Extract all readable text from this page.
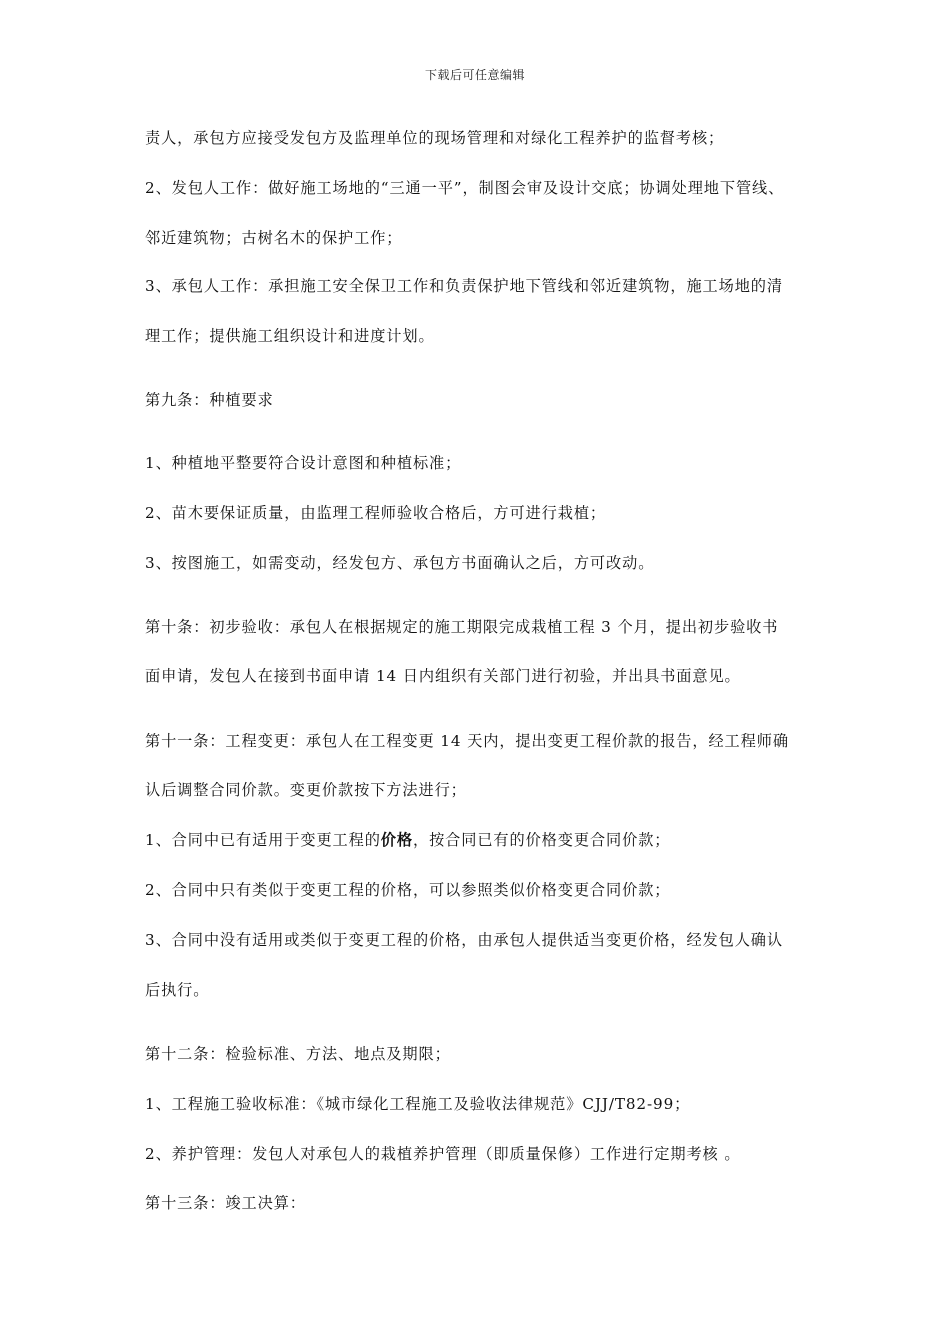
下载后可任意编辑
责人，承包方应接受发包方及监理单位的现场管理和对绿化工程养护的监督考核；
2、发包人工作：做好施工场地的“三通一平”，制图会审及设计交底；协调处理地下管线、
邻近建筑物；古树名木的保护工作；
3、承包人工作：承担施工安全保卫工作和负责保护地下管线和邻近建筑物，施工场地的清
理工作；提供施工组织设计和进度计划。
第九条：种植要求
1、种植地平整要符合设计意图和种植标准；
2、苗木要保证质量，由监理工程师验收合格后，方可进行栽植；
3、按图施工，如需变动，经发包方、承包方书面确认之后，方可改动。
第十条：初步验收：承包人在根据规定的施工期限完成栽植工程 3 个月，提出初步验收书
面申请，发包人在接到书面申请 14 日内组织有关部门进行初验，并出具书面意见。
第十一条：工程变更：承包人在工程变更 14 天内，提出变更工程价款的报告，经工程师确
认后调整合同价款。变更价款按下方法进行；
1、合同中已有适用于变更工程的价格，按合同已有的价格变更合同价款；
2、合同中只有类似于变更工程的价格，可以参照类似价格变更合同价款；
3、合同中没有适用或类似于变更工程的价格，由承包人提供适当变更价格，经发包人确认
后执行。
第十二条：检验标准、方法、地点及期限；
1、工程施工验收标准：《城市绿化工程施工及验收法律规范》CJJ/T82-99；
2、养护管理：发包人对承包人的栽植养护管理（即质量保修）工作进行定期考核 。
第十三条：竣工决算：
